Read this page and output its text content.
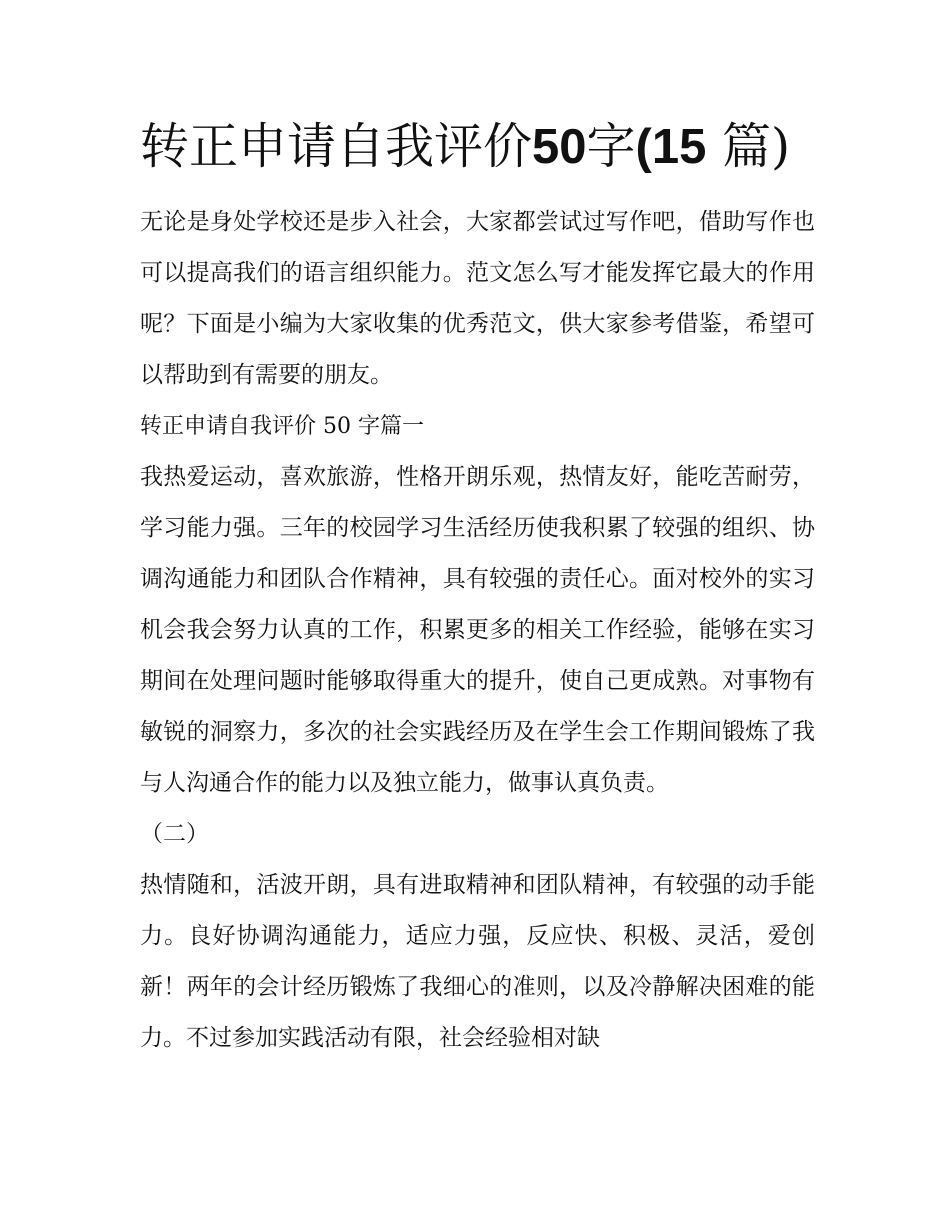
转正申请自我评价50字(15 篇)

无论是身处学校还是步入社会，大家都尝试过写作吧，借助写作也可以提高我们的语言组织能力。范文怎么写才能发挥它最大的作用呢？下面是小编为大家收集的优秀范文，供大家参考借鉴，希望可以帮助到有需要的朋友。

转正申请自我评价 50 字篇一

我热爱运动，喜欢旅游，性格开朗乐观，热情友好，能吃苦耐劳，学习能力强。三年的校园学习生活经历使我积累了较强的组织、协调沟通能力和团队合作精神，具有较强的责任心。面对校外的实习机会我会努力认真的工作，积累更多的相关工作经验，能够在实习期间在处理问题时能够取得重大的提升，使自己更成熟。对事物有敏锐的洞察力，多次的社会实践经历及在学生会工作期间锻炼了我与人沟通合作的能力以及独立能力，做事认真负责。

（二）

热情随和，活波开朗，具有进取精神和团队精神，有较强的动手能力。良好协调沟通能力，适应力强，反应快、积极、灵活，爱创新！两年的会计经历锻炼了我细心的准则，以及冷静解决困难的能力。不过参加实践活动有限，社会经验相对缺
